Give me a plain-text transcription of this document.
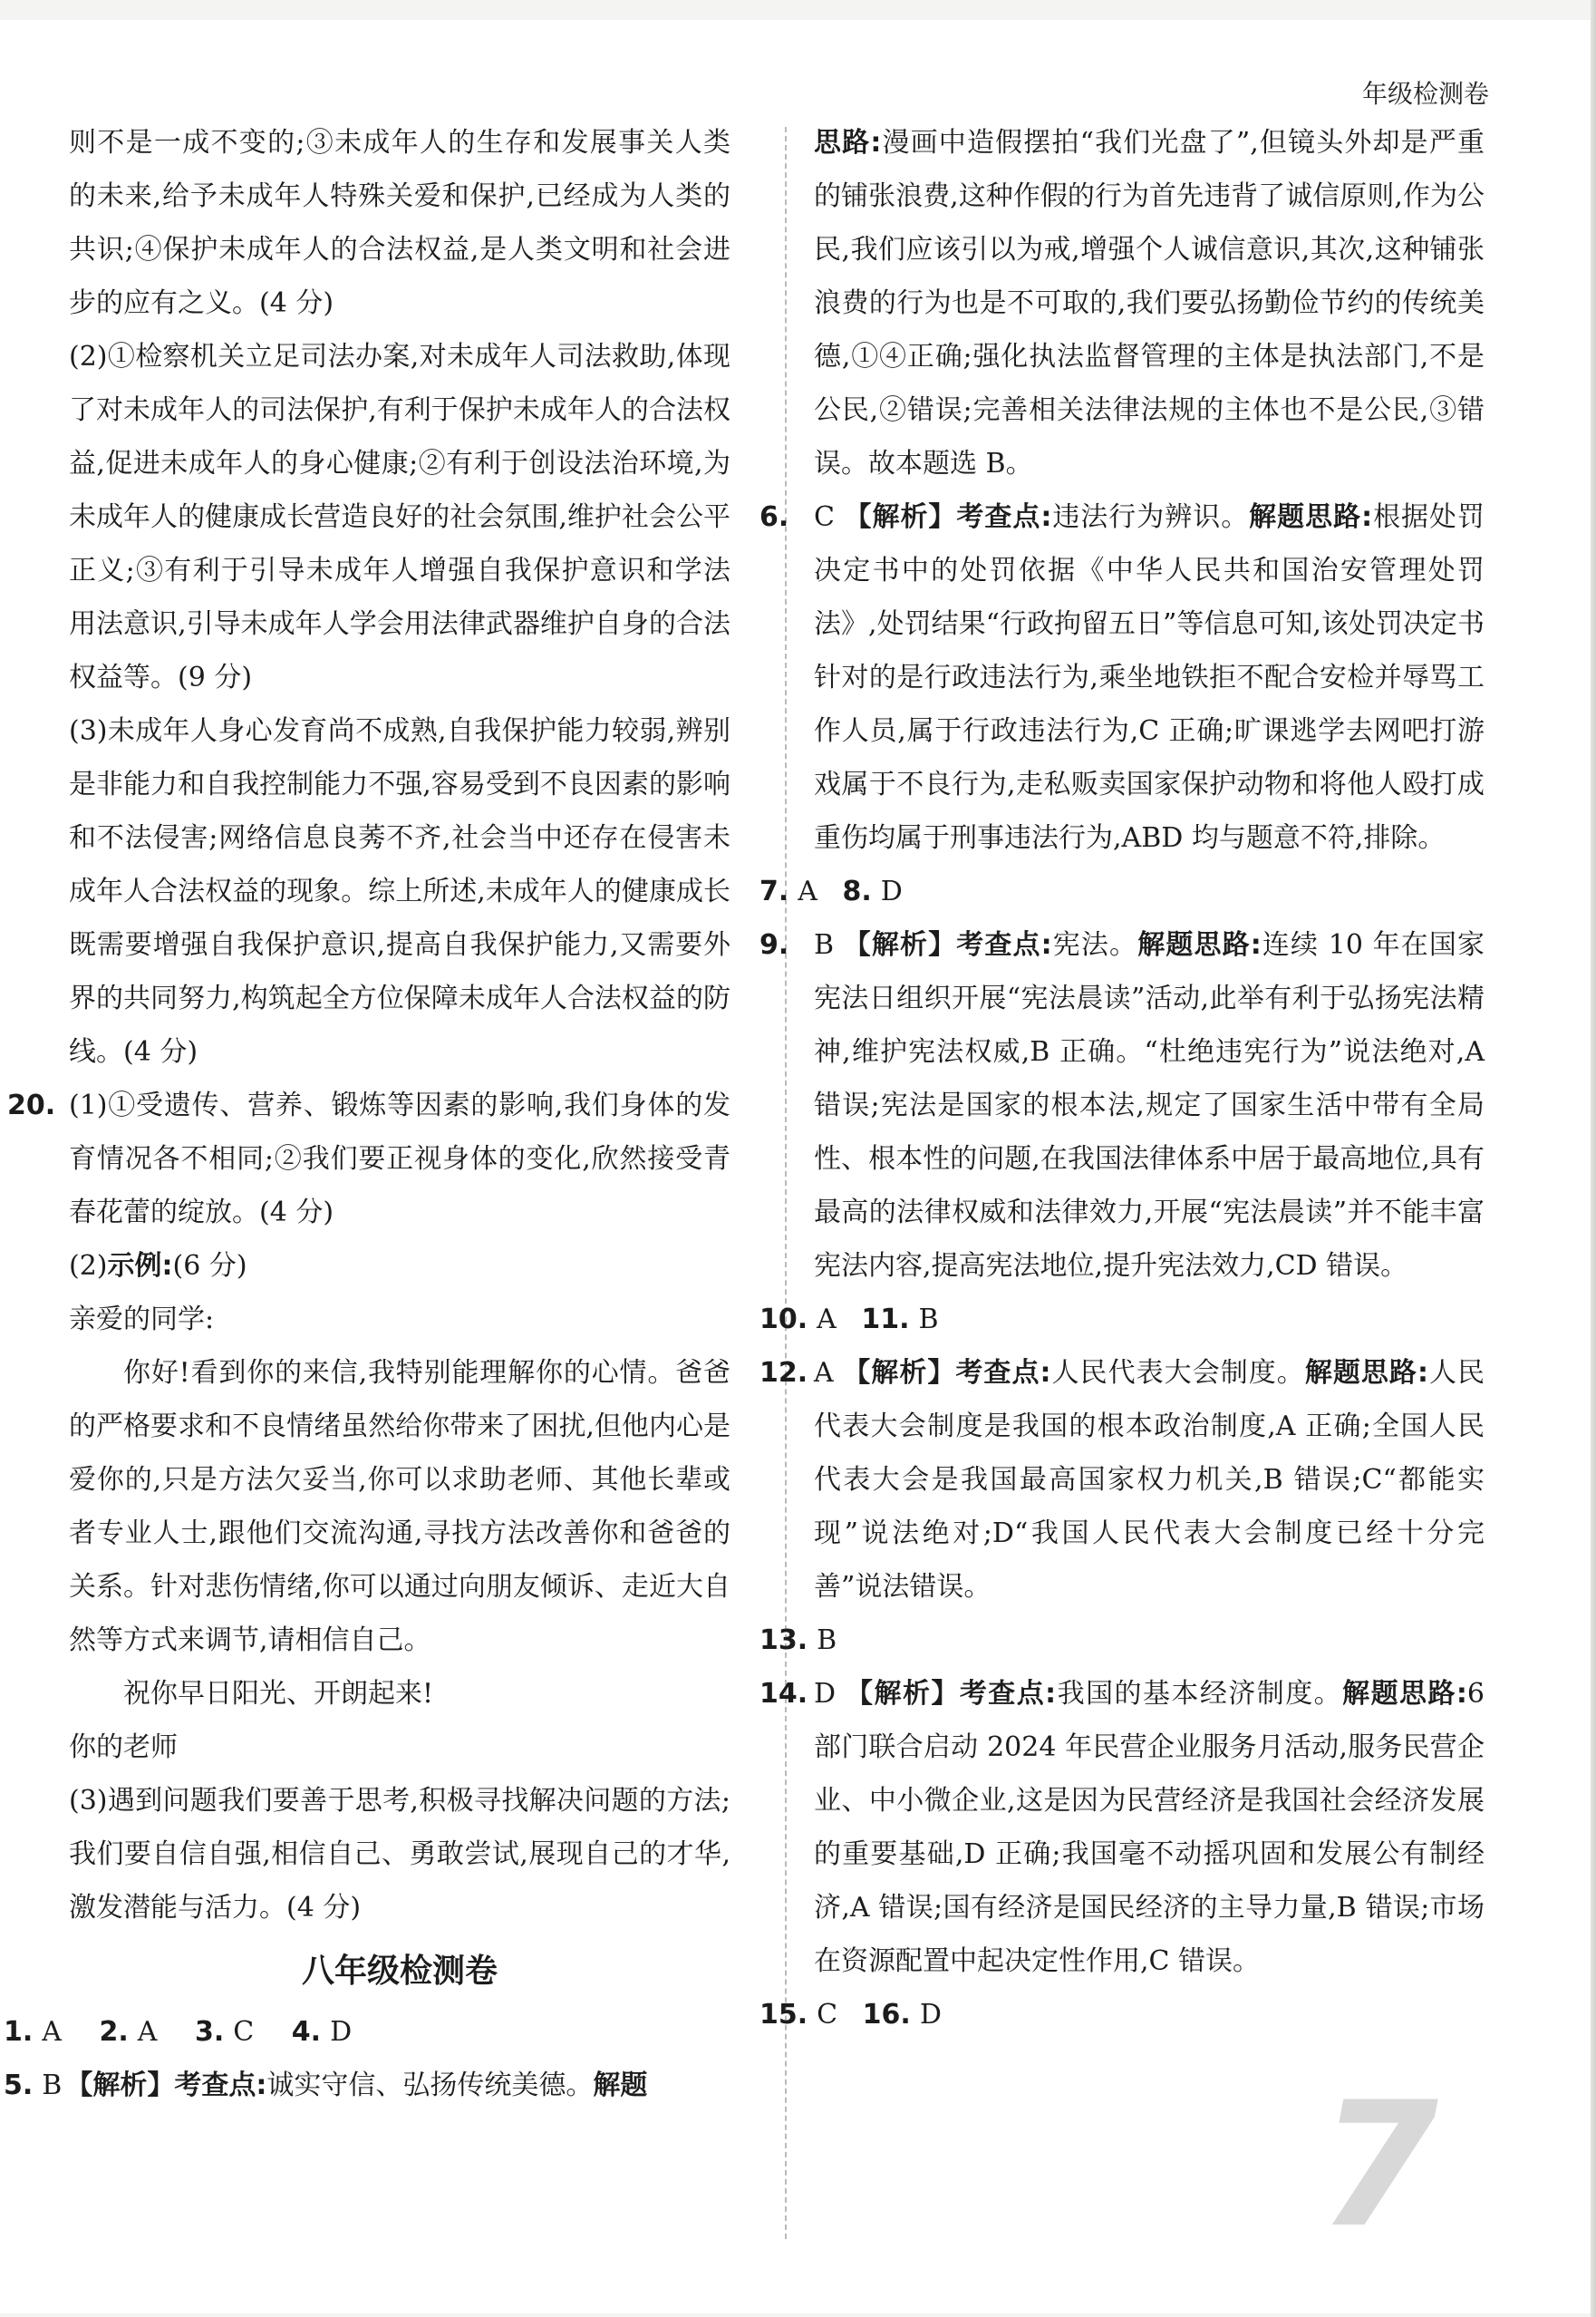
年级检测卷

则不是一成不变的;③未成年人的生存和发展事关人类的未来,给予未成年人特殊关爱和保护,已经成为人类的共识;④保护未成年人的合法权益,是人类文明和社会进步的应有之义。(4 分)

(2)①检察机关立足司法办案,对未成年人司法救助,体现了对未成年人的司法保护,有利于保护未成年人的合法权益,促进未成年人的身心健康;②有利于创设法治环境,为未成年人的健康成长营造良好的社会氛围,维护社会公平正义;③有利于引导未成年人增强自我保护意识和学法用法意识,引导未成年人学会用法律武器维护自身的合法权益等。(9 分)

(3)未成年人身心发育尚不成熟,自我保护能力较弱,辨别是非能力和自我控制能力不强,容易受到不良因素的影响和不法侵害;网络信息良莠不齐,社会当中还存在侵害未成年人合法权益的现象。综上所述,未成年人的健康成长既需要增强自我保护意识,提高自我保护能力,又需要外界的共同努力,构筑起全方位保障未成年人合法权益的防线。(4 分)

20. (1)①受遗传、营养、锻炼等因素的影响,我们身体的发育情况各不相同;②我们要正视身体的变化,欣然接受青春花蕾的绽放。(4 分)

(2)示例:(6 分)

亲爱的同学:

你好!看到你的来信,我特别能理解你的心情。爸爸的严格要求和不良情绪虽然给你带来了困扰,但他内心是爱你的,只是方法欠妥当,你可以求助老师、其他长辈或者专业人士,跟他们交流沟通,寻找方法改善你和爸爸的关系。针对悲伤情绪,你可以通过向朋友倾诉、走近大自然等方式来调节,请相信自己。

祝你早日阳光、开朗起来!

你的老师

(3)遇到问题我们要善于思考,积极寻找解决问题的方法;我们要自信自强,相信自己、勇敢尝试,展现自己的才华,激发潜能与活力。(4 分)

八年级检测卷

1. A 2. A 3. C 4. D

5. B 【解析】考查点:诚实守信、弘扬传统美德。解题

思路:漫画中造假摆拍“我们光盘了”,但镜头外却是严重的铺张浪费,这种作假的行为首先违背了诚信原则,作为公民,我们应该引以为戒,增强个人诚信意识,其次,这种铺张浪费的行为也是不可取的,我们要弘扬勤俭节约的传统美德,①④正确;强化执法监督管理的主体是执法部门,不是公民,②错误;完善相关法律法规的主体也不是公民,③错误。故本题选 B。

6. C 【解析】考查点:违法行为辨识。解题思路:根据处罚决定书中的处罚依据《中华人民共和国治安管理处罚法》,处罚结果“行政拘留五日”等信息可知,该处罚决定书针对的是行政违法行为,乘坐地铁拒不配合安检并辱骂工作人员,属于行政违法行为,C 正确;旷课逃学去网吧打游戏属于不良行为,走私贩卖国家保护动物和将他人殴打成重伤均属于刑事违法行为,ABD 均与题意不符,排除。

7. A 8. D

9. B 【解析】考查点:宪法。解题思路:连续 10 年在国家宪法日组织开展“宪法晨读”活动,此举有利于弘扬宪法精神,维护宪法权威,B 正确。“杜绝违宪行为”说法绝对,A 错误;宪法是国家的根本法,规定了国家生活中带有全局性、根本性的问题,在我国法律体系中居于最高地位,具有最高的法律权威和法律效力,开展“宪法晨读”并不能丰富宪法内容,提高宪法地位,提升宪法效力,CD 错误。

10. A 11. B

12. A 【解析】考查点:人民代表大会制度。解题思路:人民代表大会制度是我国的根本政治制度,A 正确;全国人民代表大会是我国最高国家权力机关,B 错误;C“都能实现”说法绝对;D“我国人民代表大会制度已经十分完善”说法错误。

13. B

14. D 【解析】考查点:我国的基本经济制度。解题思路:6 部门联合启动 2024 年民营企业服务月活动,服务民营企业、中小微企业,这是因为民营经济是我国社会经济发展的重要基础,D 正确;我国毫不动摇巩固和发展公有制经济,A 错误;国有经济是国民经济的主导力量,B 错误;市场在资源配置中起决定性作用,C 错误。

15. C 16. D

7
